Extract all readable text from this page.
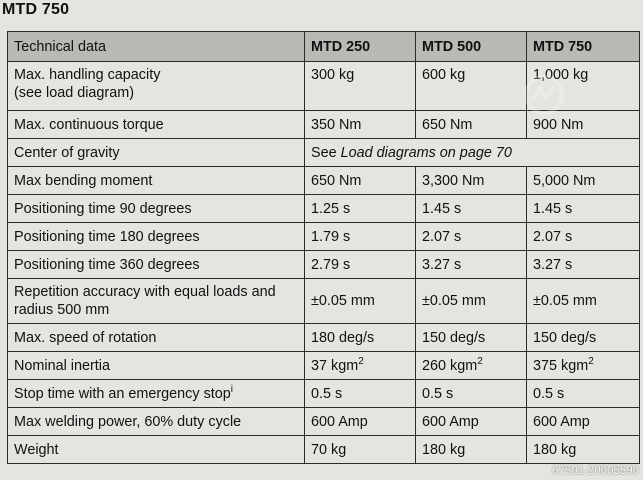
MTD 750
Technical data	MTD 250	MTD 500	MTD 750

Max. handling capacity
(see load diagram)	300 kg	600 kg	1,000 kg
Max. continuous torque	350 Nm	650 Nm	900 Nm
Center of gravity	See Load diagrams on page 70		
Max bending moment	650 Nm	3,300 Nm	5,000 Nm
Positioning time 90 degrees	1.25 s	1.45 s	1.45 s
Positioning time 180 degrees	1.79 s	2.07 s	2.07 s
Positioning time 360 degrees	2.79 s	3.27 s	3.27 s
Repetition accuracy with equal loads and radius 500 mm	±0.05 mm	±0.05 mm	±0.05 mm
Max. speed of rotation	180 deg/s	150 deg/s	150 deg/s
Nominal inertia	37 kgm$^2$	260 kgm$^2$	375 kgm$^2$
Stop time with an emergency stop$^i$	0.5 s	0.5 s	0.5 s
Max welding power, 60% duty cycle	600 Amp	600 Amp	600 Amp
Weight	70 kg	180 kg	180 kg
67501-20005590
